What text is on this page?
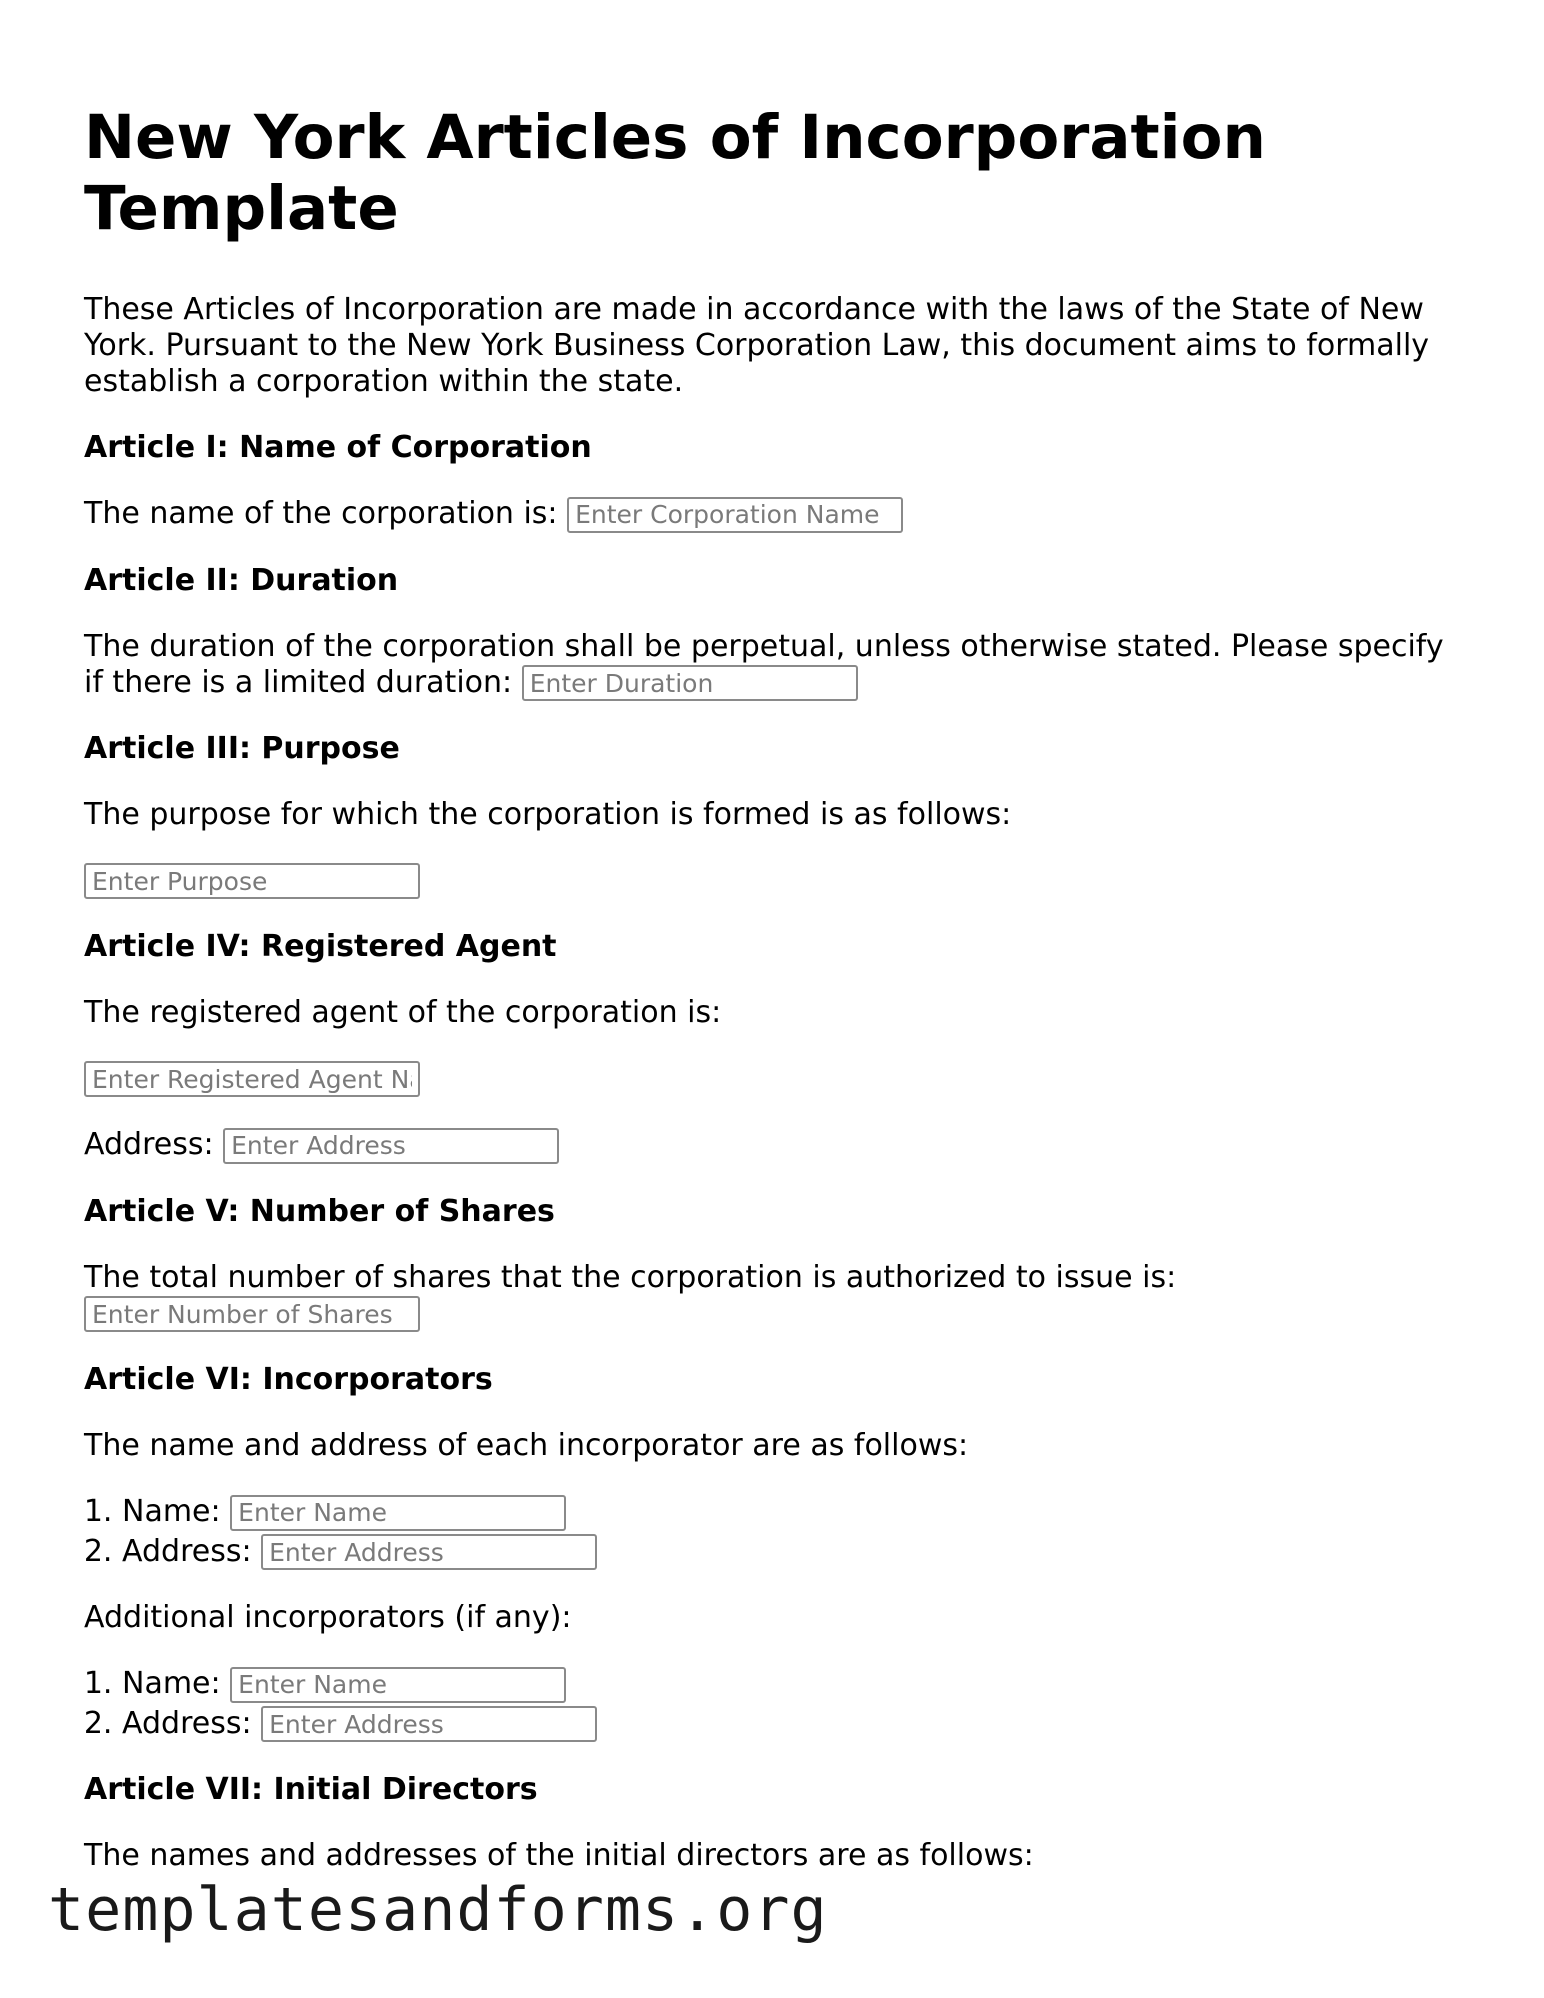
New York Articles of Incorporation Template

These Articles of Incorporation are made in accordance with the laws of the State of New York. Pursuant to the New York Business Corporation Law, this document aims to formally establish a corporation within the state.

Article I: Name of Corporation

The name of the corporation is: Enter Corporation Name

Article II: Duration

The duration of the corporation shall be perpetual, unless otherwise stated. Please specify if there is a limited duration: Enter Duration

Article III: Purpose

The purpose for which the corporation is formed is as follows:

Enter Purpose
Article IV: Registered Agent

The registered agent of the corporation is:

Enter Registered Agent Name

Address: Enter Address

Article V: Number of Shares

The total number of shares that the corporation is authorized to issue is:
Enter Number of Shares

Article VI: Incorporators

The name and address of each incorporator are as follows:

1. Name: Enter Name
2. Address: Enter Address

Additional incorporators (if any):

1. Name: Enter Name
2. Address: Enter Address
Article VII: Initial Directors

The names and addresses of the initial directors are as follows:

templatesandforms.org
